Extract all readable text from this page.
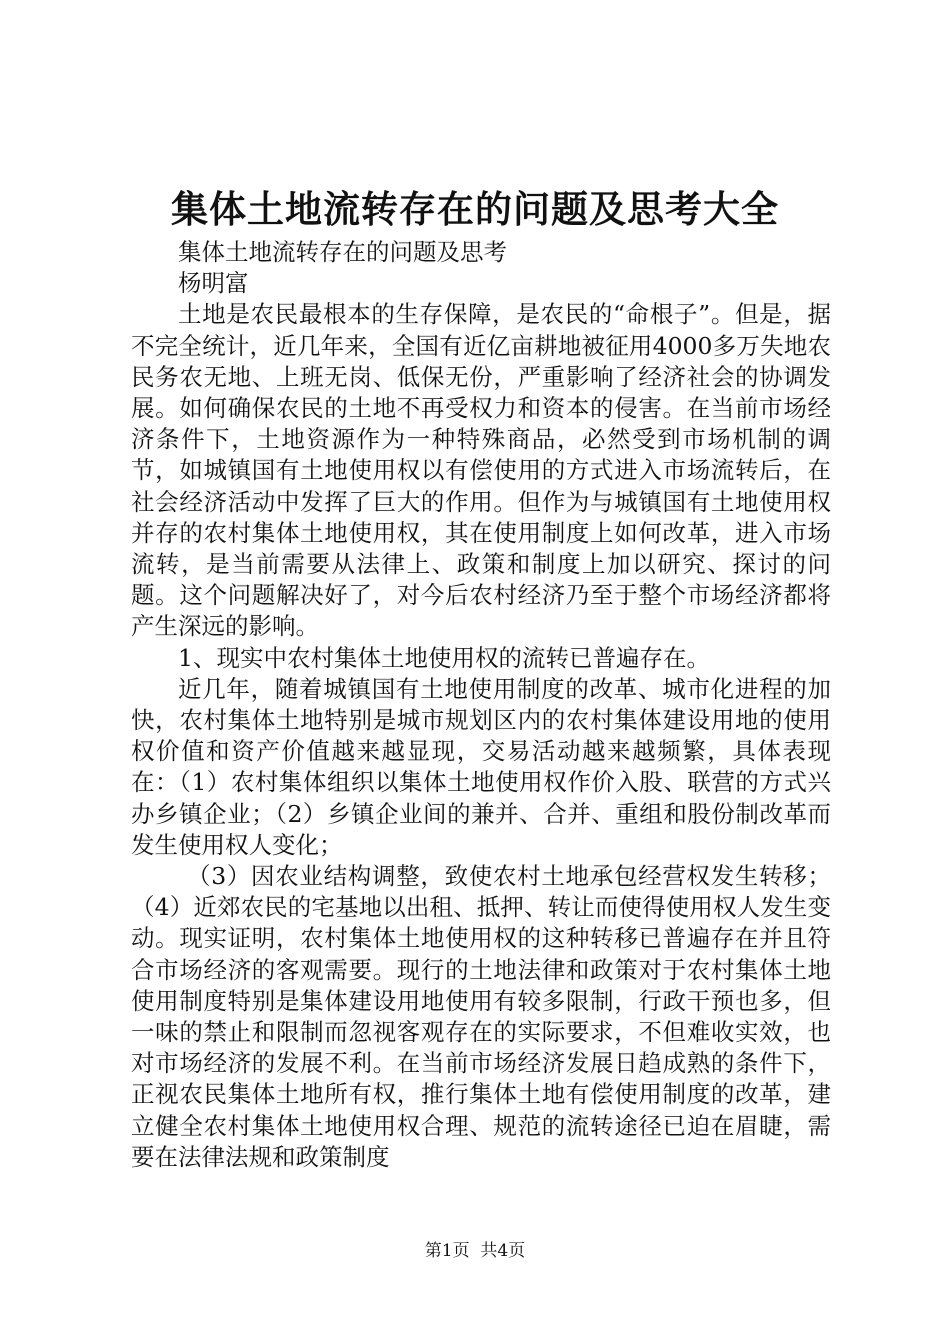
集体土地流转存在的问题及思考大全

集体土地流转存在的问题及思考

杨明富

土地是农民最根本的生存保障，是农民的“命根子”。但是，据不完全统计，近几年来，全国有近亿亩耕地被征用4000多万失地农民务农无地、上班无岗、低保无份，严重影响了经济社会的协调发展。如何确保农民的土地不再受权力和资本的侵害。在当前市场经济条件下，土地资源作为一种特殊商品，必然受到市场机制的调节，如城镇国有土地使用权以有偿使用的方式进入市场流转后，在社会经济活动中发挥了巨大的作用。但作为与城镇国有土地使用权并存的农村集体土地使用权，其在使用制度上如何改革，进入市场流转，是当前需要从法律上、政策和制度上加以研究、探讨的问题。这个问题解决好了，对今后农村经济乃至于整个市场经济都将产生深远的影响。

1、现实中农村集体土地使用权的流转已普遍存在。

近几年，随着城镇国有土地使用制度的改革、城市化进程的加快，农村集体土地特别是城市规划区内的农村集体建设用地的使用权价值和资产价值越来越显现，交易活动越来越频繁，具体表现在：（1）农村集体组织以集体土地使用权作价入股、联营的方式兴办乡镇企业；（2）乡镇企业间的兼并、合并、重组和股份制改革而发生使用权人变化；

（3）因农业结构调整，致使农村土地承包经营权发生转移；（4）近郊农民的宅基地以出租、抵押、转让而使得使用权人发生变动。现实证明，农村集体土地使用权的这种转移已普遍存在并且符合市场经济的客观需要。现行的土地法律和政策对于农村集体土地使用制度特别是集体建设用地使用有较多限制，行政干预也多，但一味的禁止和限制而忽视客观存在的实际要求，不但难收实效，也对市场经济的发展不利。在当前市场经济发展日趋成熟的条件下，正视农民集体土地所有权，推行集体土地有偿使用制度的改革，建立健全农村集体土地使用权合理、规范的流转途径已迫在眉睫，需要在法律法规和政策制度

第1页  共4页
